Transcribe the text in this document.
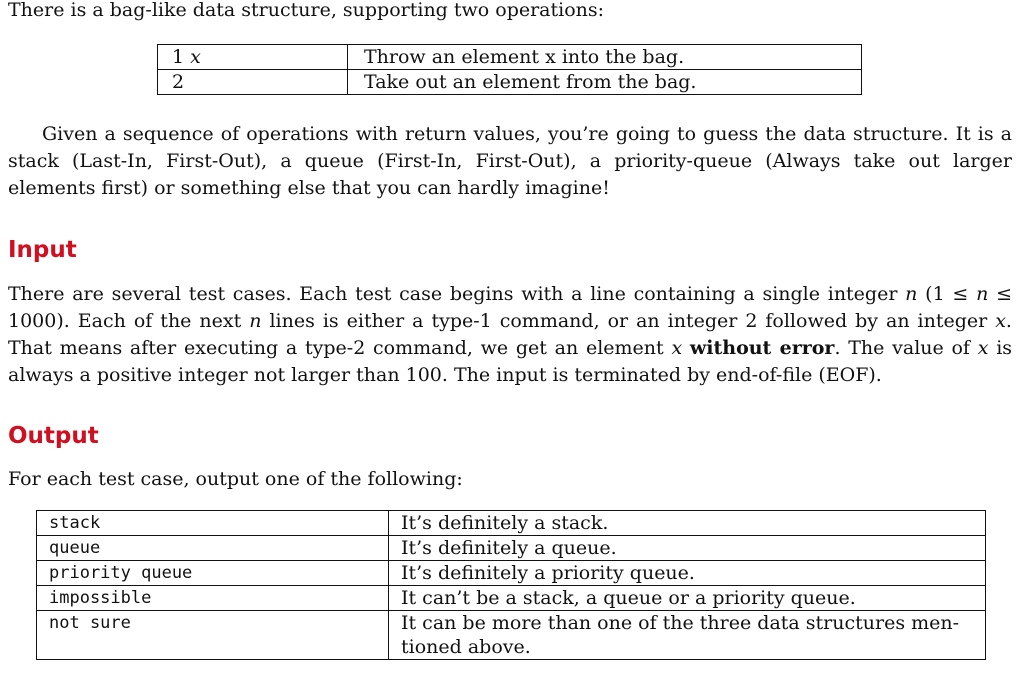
There is a bag-like data structure, supporting two operations:

1 x	Throw an element x into the bag.
2	Take out an element from the bag.

Given a sequence of operations with return values, you’re going to guess the data structure. It is a stack (Last-In, First-Out), a queue (First-In, First-Out), a priority-queue (Always take out larger elements first) or something else that you can hardly imagine!

Input

There are several test cases. Each test case begins with a line containing a single integer n (1 ≤ n ≤ 1000). Each of the next n lines is either a type-1 command, or an integer 2 followed by an integer x. That means after executing a type-2 command, we get an element x without error. The value of x is always a positive integer not larger than 100. The input is terminated by end-of-file (EOF).

Output

For each test case, output one of the following:

stack	It’s definitely a stack.
queue	It’s definitely a queue.
priority queue	It’s definitely a priority queue.
impossible	It can’t be a stack, a queue or a priority queue.
not sure	It can be more than one of the three data structures men- tioned above.
